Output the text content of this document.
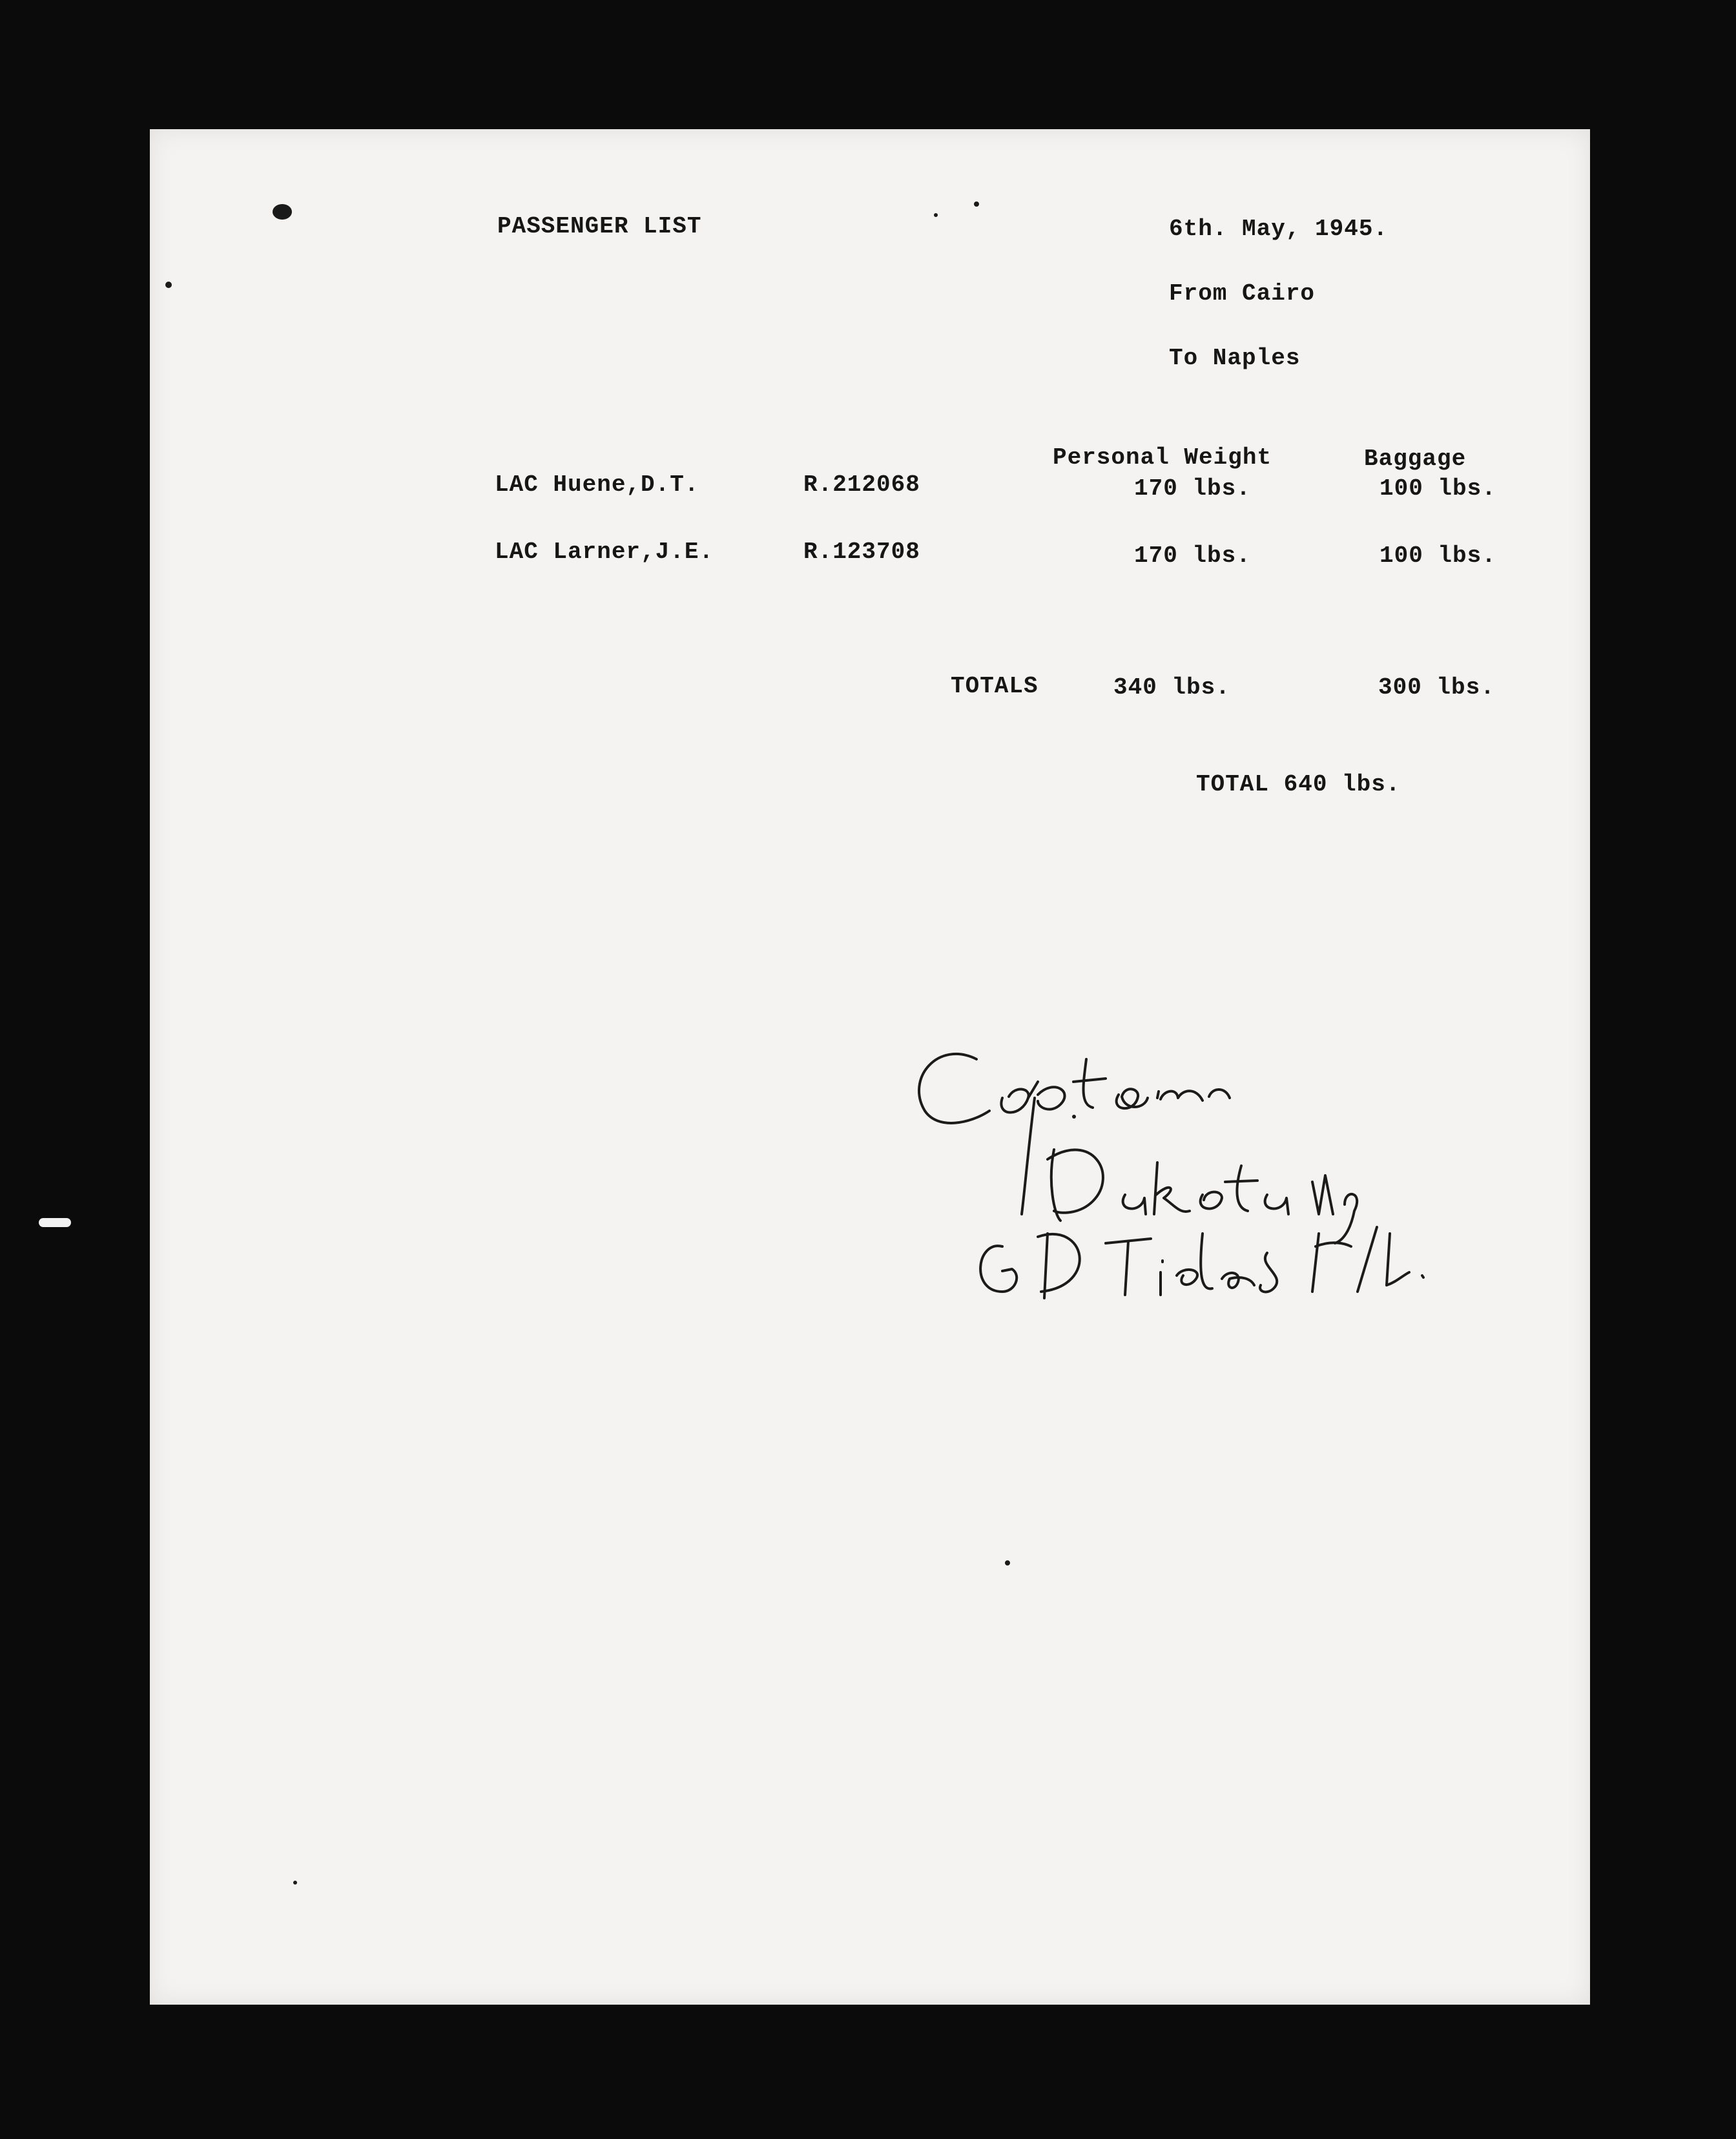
PASSENGER LIST	6th. May, 1945.
From Cairo
To Naples
Personal Weight	Baggage
LAC Huene,D.T.	R.212068	170 lbs.	100 lbs.
LAC Larner,J.E.	R.123708	170 lbs.	100 lbs.
TOTALS	340 lbs.	300 lbs.
TOTAL 640 lbs.
